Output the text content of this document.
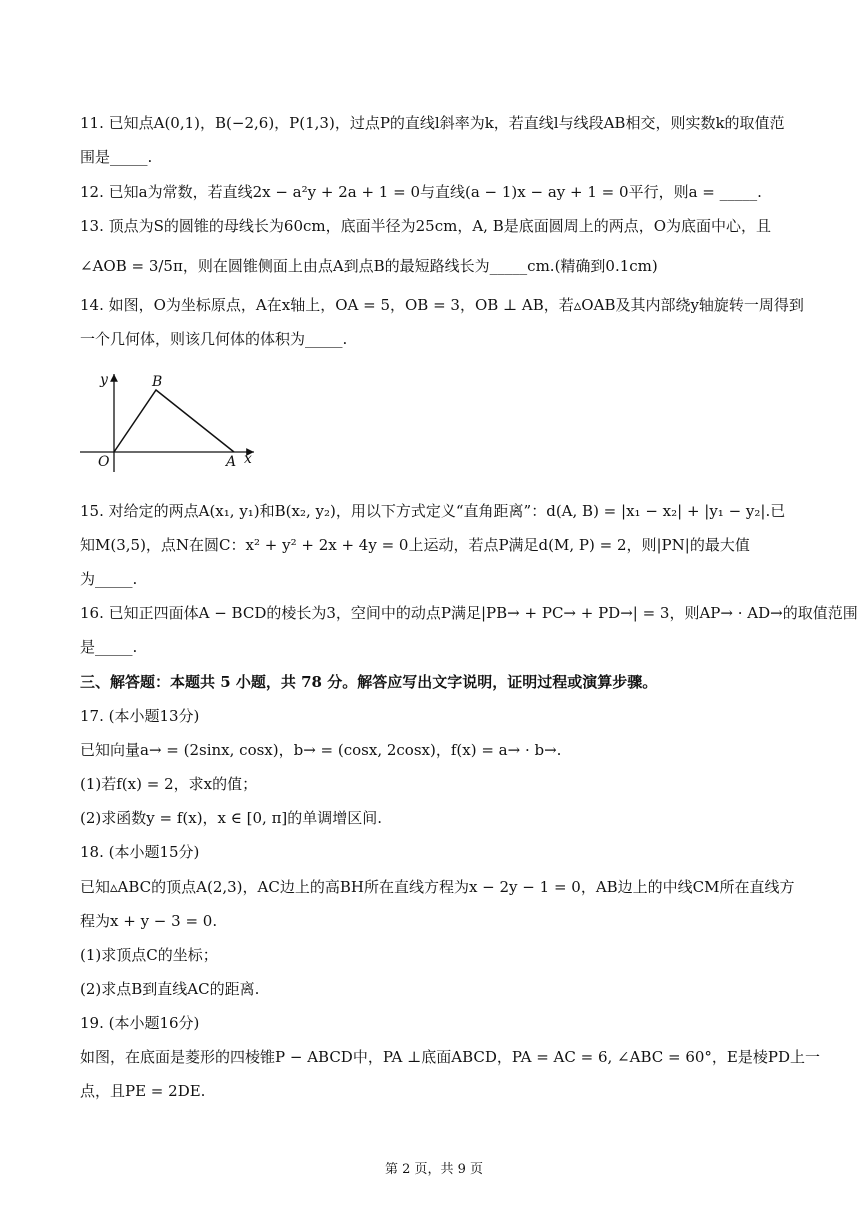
11. 已知点A(0,1)，B(−2,6)，P(1,3)，过点P的直线l斜率为k，若直线l与线段AB相交，则实数k的取值范
围是_____.
12. 已知a为常数，若直线2x − a²y + 2a + 1 = 0与直线(a − 1)x − ay + 1 = 0平行，则a = _____.
13. 顶点为S的圆锥的母线长为60cm，底面半径为25cm，A, B是底面圆周上的两点，O为底面中心，且
∠AOB = 3/5π，则在圆锥侧面上由点A到点B的最短路线长为_____cm.(精确到0.1cm)
14. 如图，O为坐标原点，A在x轴上，OA = 5，OB = 3，OB ⊥ AB，若▵OAB及其内部绕y轴旋转一周得到
一个几何体，则该几何体的体积为_____.
y	B
O	A x
15. 对给定的两点A(x₁, y₁)和B(x₂, y₂)，用以下方式定义“直角距离”：d(A, B) = |x₁ − x₂| + |y₁ − y₂|.已
知M(3,5)，点N在圆C：x² + y² + 2x + 4y = 0上运动，若点P满足d(M, P) = 2，则|PN|的最大值
为_____.
16. 已知正四面体A − BCD的棱长为3，空间中的动点P满足|PB→ + PC→ + PD→| = 3，则AP→ · AD→的取值范围
是_____.
三、解答题：本题共 5 小题，共 78 分。解答应写出文字说明，证明过程或演算步骤。
17. (本小题13分)
已知向量a→ = (2sinx, cosx)，b→ = (cosx, 2cosx)，f(x) = a→ · b→.
(1)若f(x) = 2，求x的值；
(2)求函数y = f(x)，x ∈ [0, π]的单调增区间.
18. (本小题15分)
已知▵ABC的顶点A(2,3)，AC边上的高BH所在直线方程为x − 2y − 1 = 0，AB边上的中线CM所在直线方
程为x + y − 3 = 0.
(1)求顶点C的坐标；
(2)求点B到直线AC的距离.
19. (本小题16分)
如图，在底面是菱形的四棱锥P − ABCD中，PA ⊥底面ABCD，PA = AC = 6, ∠ABC = 60°，E是棱PD上一
点，且PE = 2DE.
第 2 页，共 9 页
